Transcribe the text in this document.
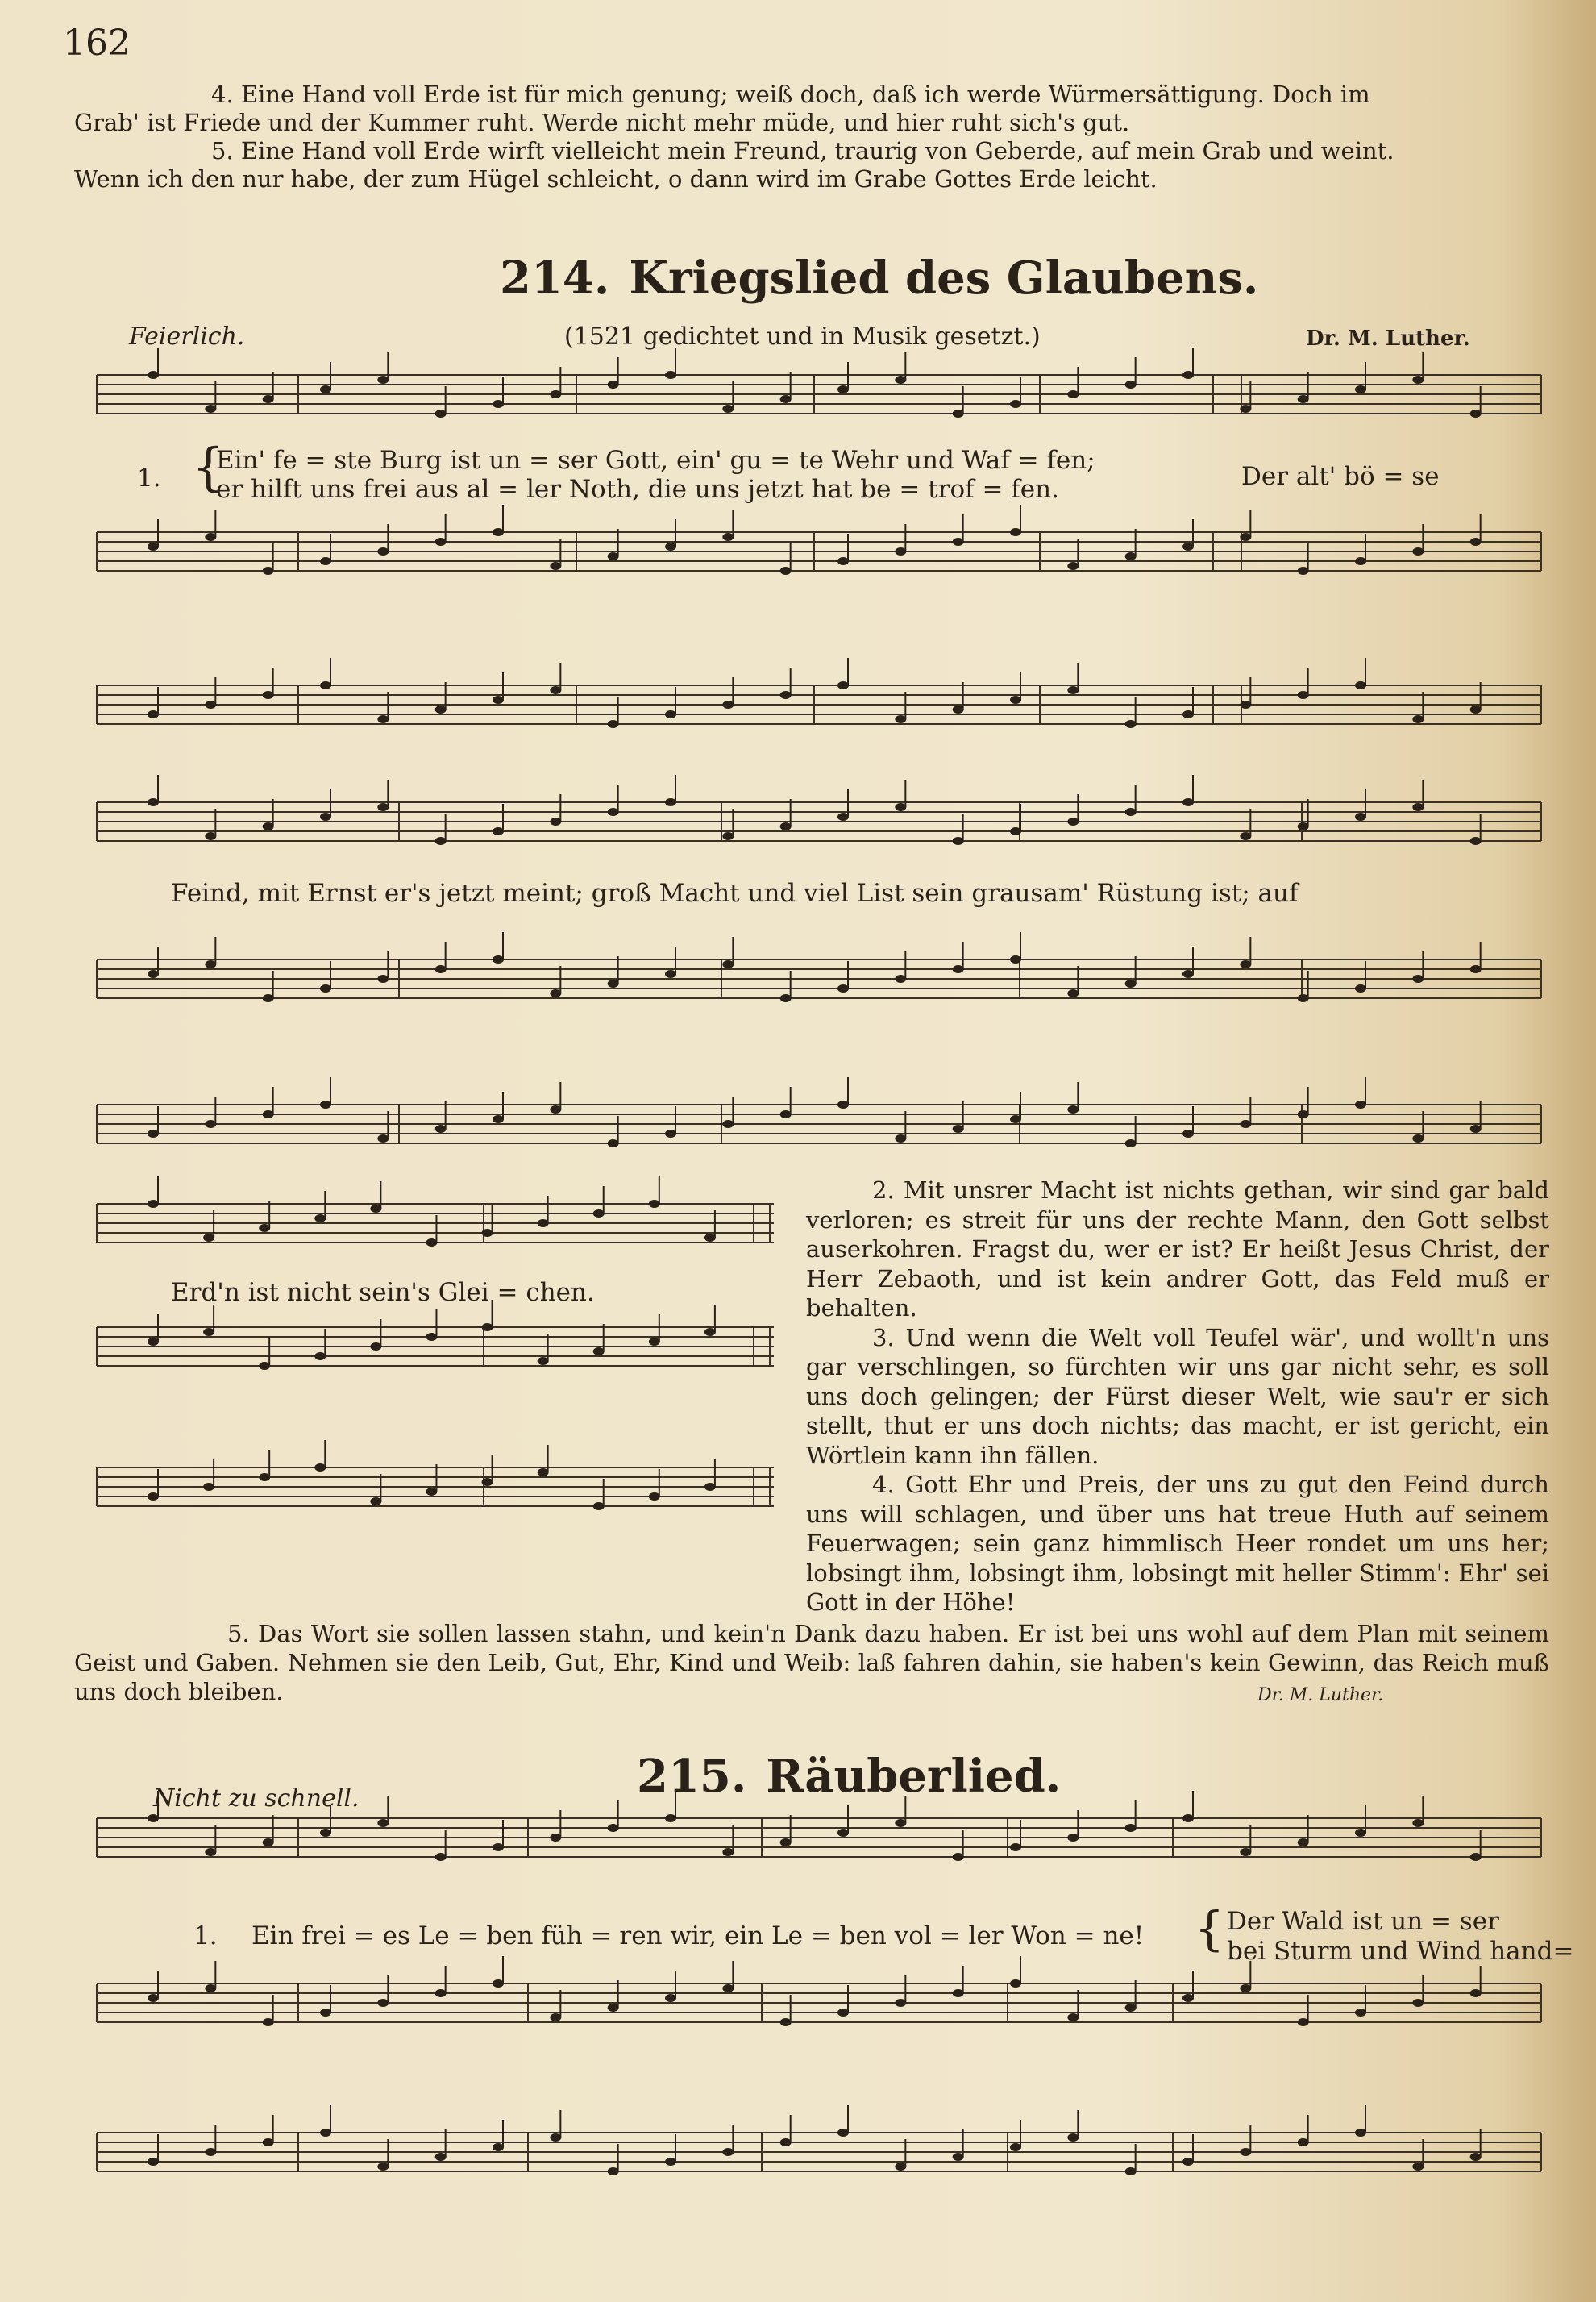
162

4. Eine Hand voll Erde ist für mich genung; weiß doch, daß ich werde Würmersättigung. Doch im

Grab' ist Friede und der Kummer ruht. Werde nicht mehr müde, und hier ruht sich's gut.

5. Eine Hand voll Erde wirft vielleicht mein Freund, traurig von Geberde, auf mein Grab und weint.

Wenn ich den nur habe, der zum Hügel schleicht, o dann wird im Grabe Gottes Erde leicht.

214. Kriegslied des Glaubens.
Feierlich.	(1521 gedichtet und in Musik gesetzt.)	Dr. M. Luther.
1. {
Ein' fe = ste Burg ist un = ser Gott, ein' gu = te Wehr und Waf = fen;
er hilft uns frei aus al = ler Noth, die uns jetzt hat be = trof = fen.	Der alt' bö = se
Feind, mit Ernst er's jetzt meint; groß Macht und viel List sein grausam' Rüstung ist; auf
Erd'n ist nicht sein's Glei = chen.

2. Mit unsrer Macht ist nichts gethan, wir sind gar bald verloren; es streit für uns der rechte Mann, den Gott selbst auserkohren. Fragst du, wer er ist? Er heißt Jesus Christ, der Herr Zebaoth, und ist kein andrer Gott, das Feld muß er behalten.

3. Und wenn die Welt voll Teufel wär', und wollt'n uns gar verschlingen, so fürchten wir uns gar nicht sehr, es soll uns doch gelingen; der Fürst dieser Welt, wie sau'r er sich stellt, thut er uns doch nichts; das macht, er ist gericht, ein Wörtlein kann ihn fällen.

4. Gott Ehr und Preis, der uns zu gut den Feind durch uns will schlagen, und über uns hat treue Huth auf seinem Feuerwagen; sein ganz himmlisch Heer rondet um uns her; lobsingt ihm, lobsingt ihm, lobsingt mit heller Stimm': Ehr' sei Gott in der Höhe!

5. Das Wort sie sollen lassen stahn, und kein'n Dank dazu haben. Er ist bei uns wohl auf dem Plan mit seinem Geist und Gaben. Nehmen sie den Leib, Gut, Ehr, Kind und Weib: laß fahren dahin, sie haben's kein Gewinn, das Reich muß uns doch bleiben.	Dr. M. Luther.
215. Räuberlied.
Nicht zu schnell.
1. Ein frei = es Le = ben füh = ren wir, ein Le = ben vol = ler Won = ne! { Der Wald ist un = ser
bei Sturm und Wind hand=
